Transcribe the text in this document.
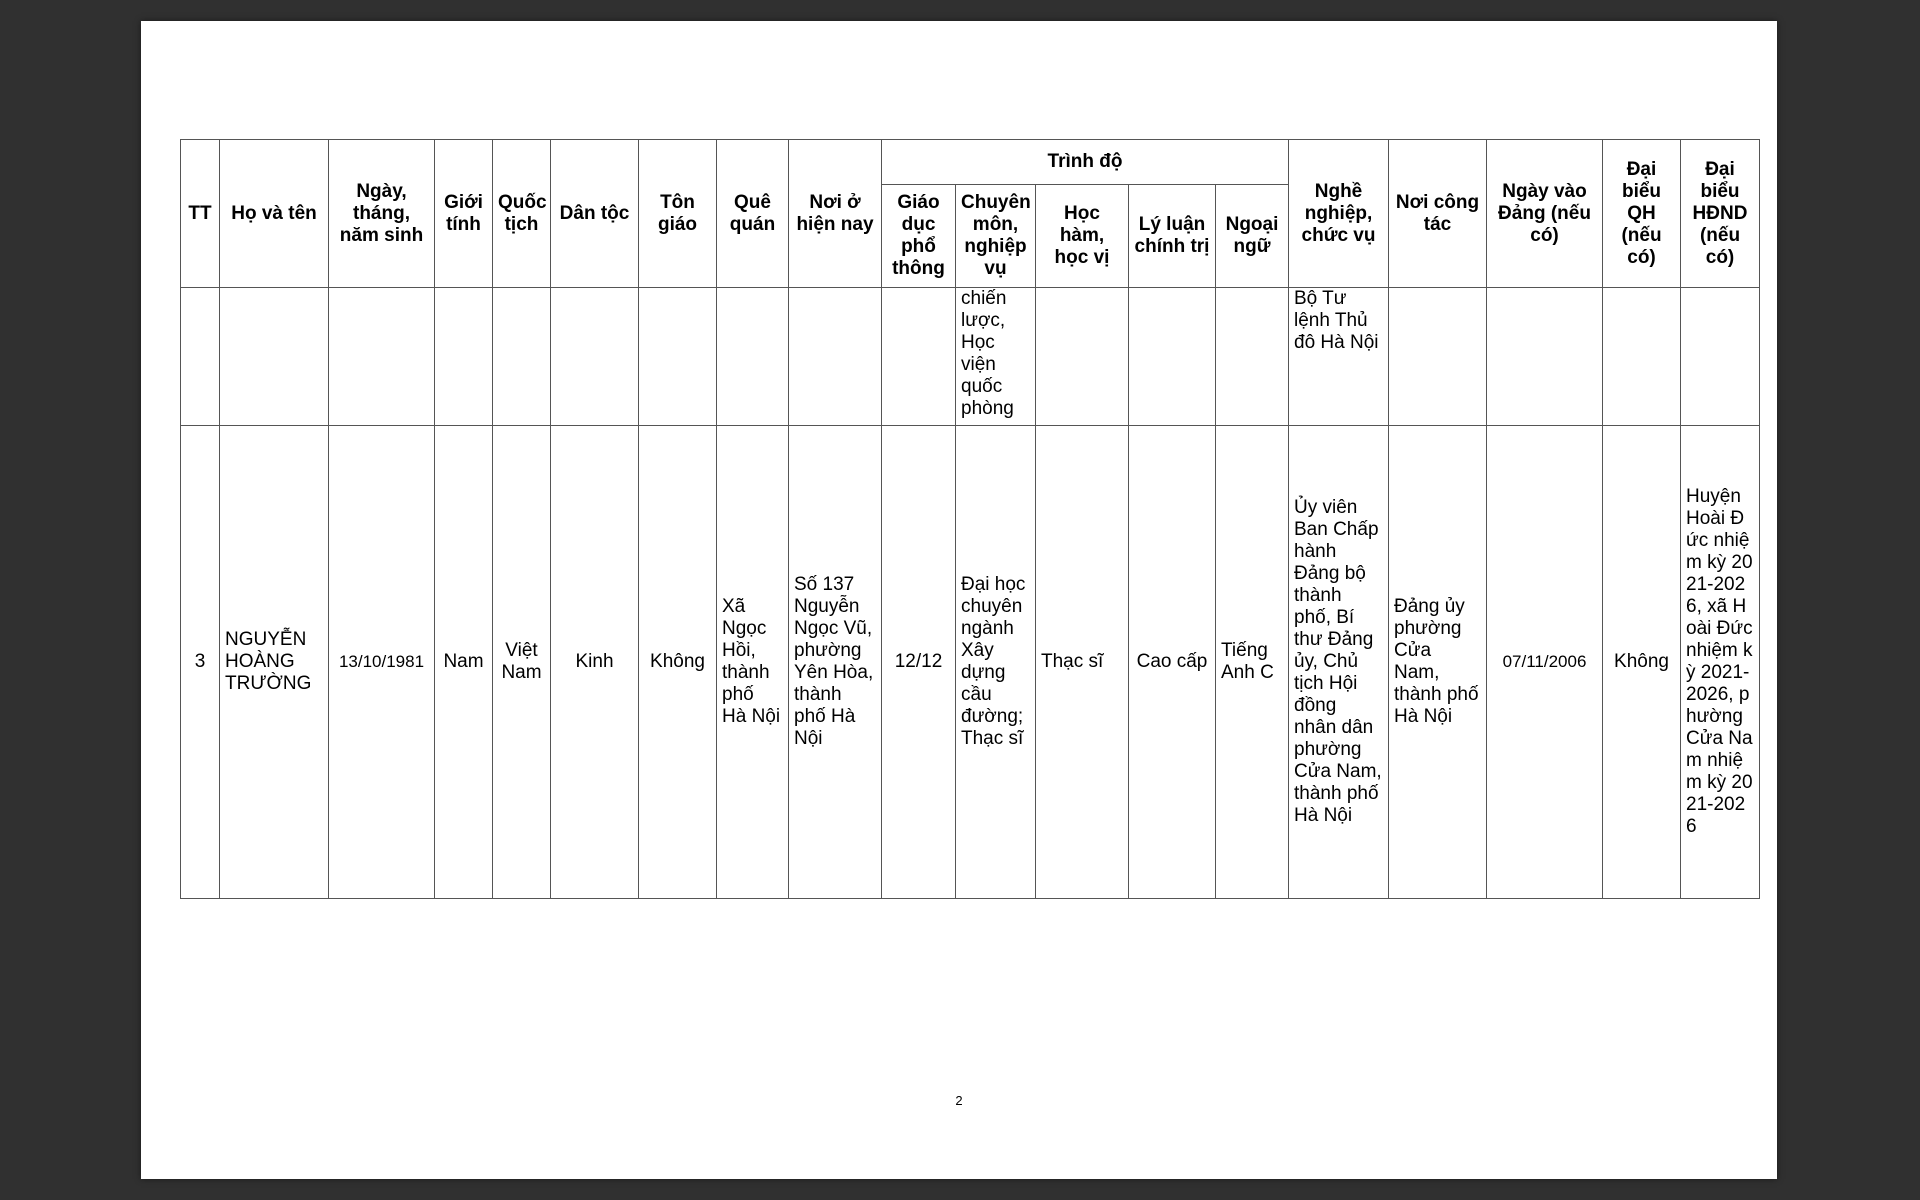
TT	Họ và tên	Ngày, tháng, năm sinh	Giới tính	Quốc tịch	Dân tộc	Tôn giáo	Quê quán	Nơi ở hiện nay	Trình độ					Nghề nghiệp, chức vụ	Nơi công tác	Ngày vào Đảng (nếu có)	Đại biểu QH (nếu có)	Đại biểu HĐND (nếu có)
									Giáo dục phổ thông	Chuyên môn, nghiệp vụ	Học hàm, học vị	Lý luận chính trị	Ngoại ngữ					
										chiến lược, Học viện quốc phòng				Bộ Tư lệnh Thủ đô Hà Nội				
3	NGUYỄN HOÀNG TRƯỜNG	13/10/1981	Nam	Việt Nam	Kinh	Không	Xã Ngọc Hồi, thành phố Hà Nội	Số 137 Nguyễn Ngọc Vũ, phường Yên Hòa, thành phố Hà Nội	12/12	Đại học chuyên ngành Xây dựng cầu đường; Thạc sĩ	Thạc sĩ	Cao cấp	Tiếng Anh C	Ủy viên Ban Chấp hành Đảng bộ thành phố, Bí thư Đảng ủy, Chủ tịch Hội đồng nhân dân phường Cửa Nam, thành phố Hà Nội	Đảng ủy phường Cửa Nam, thành phố Hà Nội	07/11/2006	Không	Huyện Hoài Đức nhiệm kỳ 2021-2026, xã Hoài Đức nhiệm kỳ 2021-2026, phường Cửa Nam nhiệm kỳ 2021-2026
2
